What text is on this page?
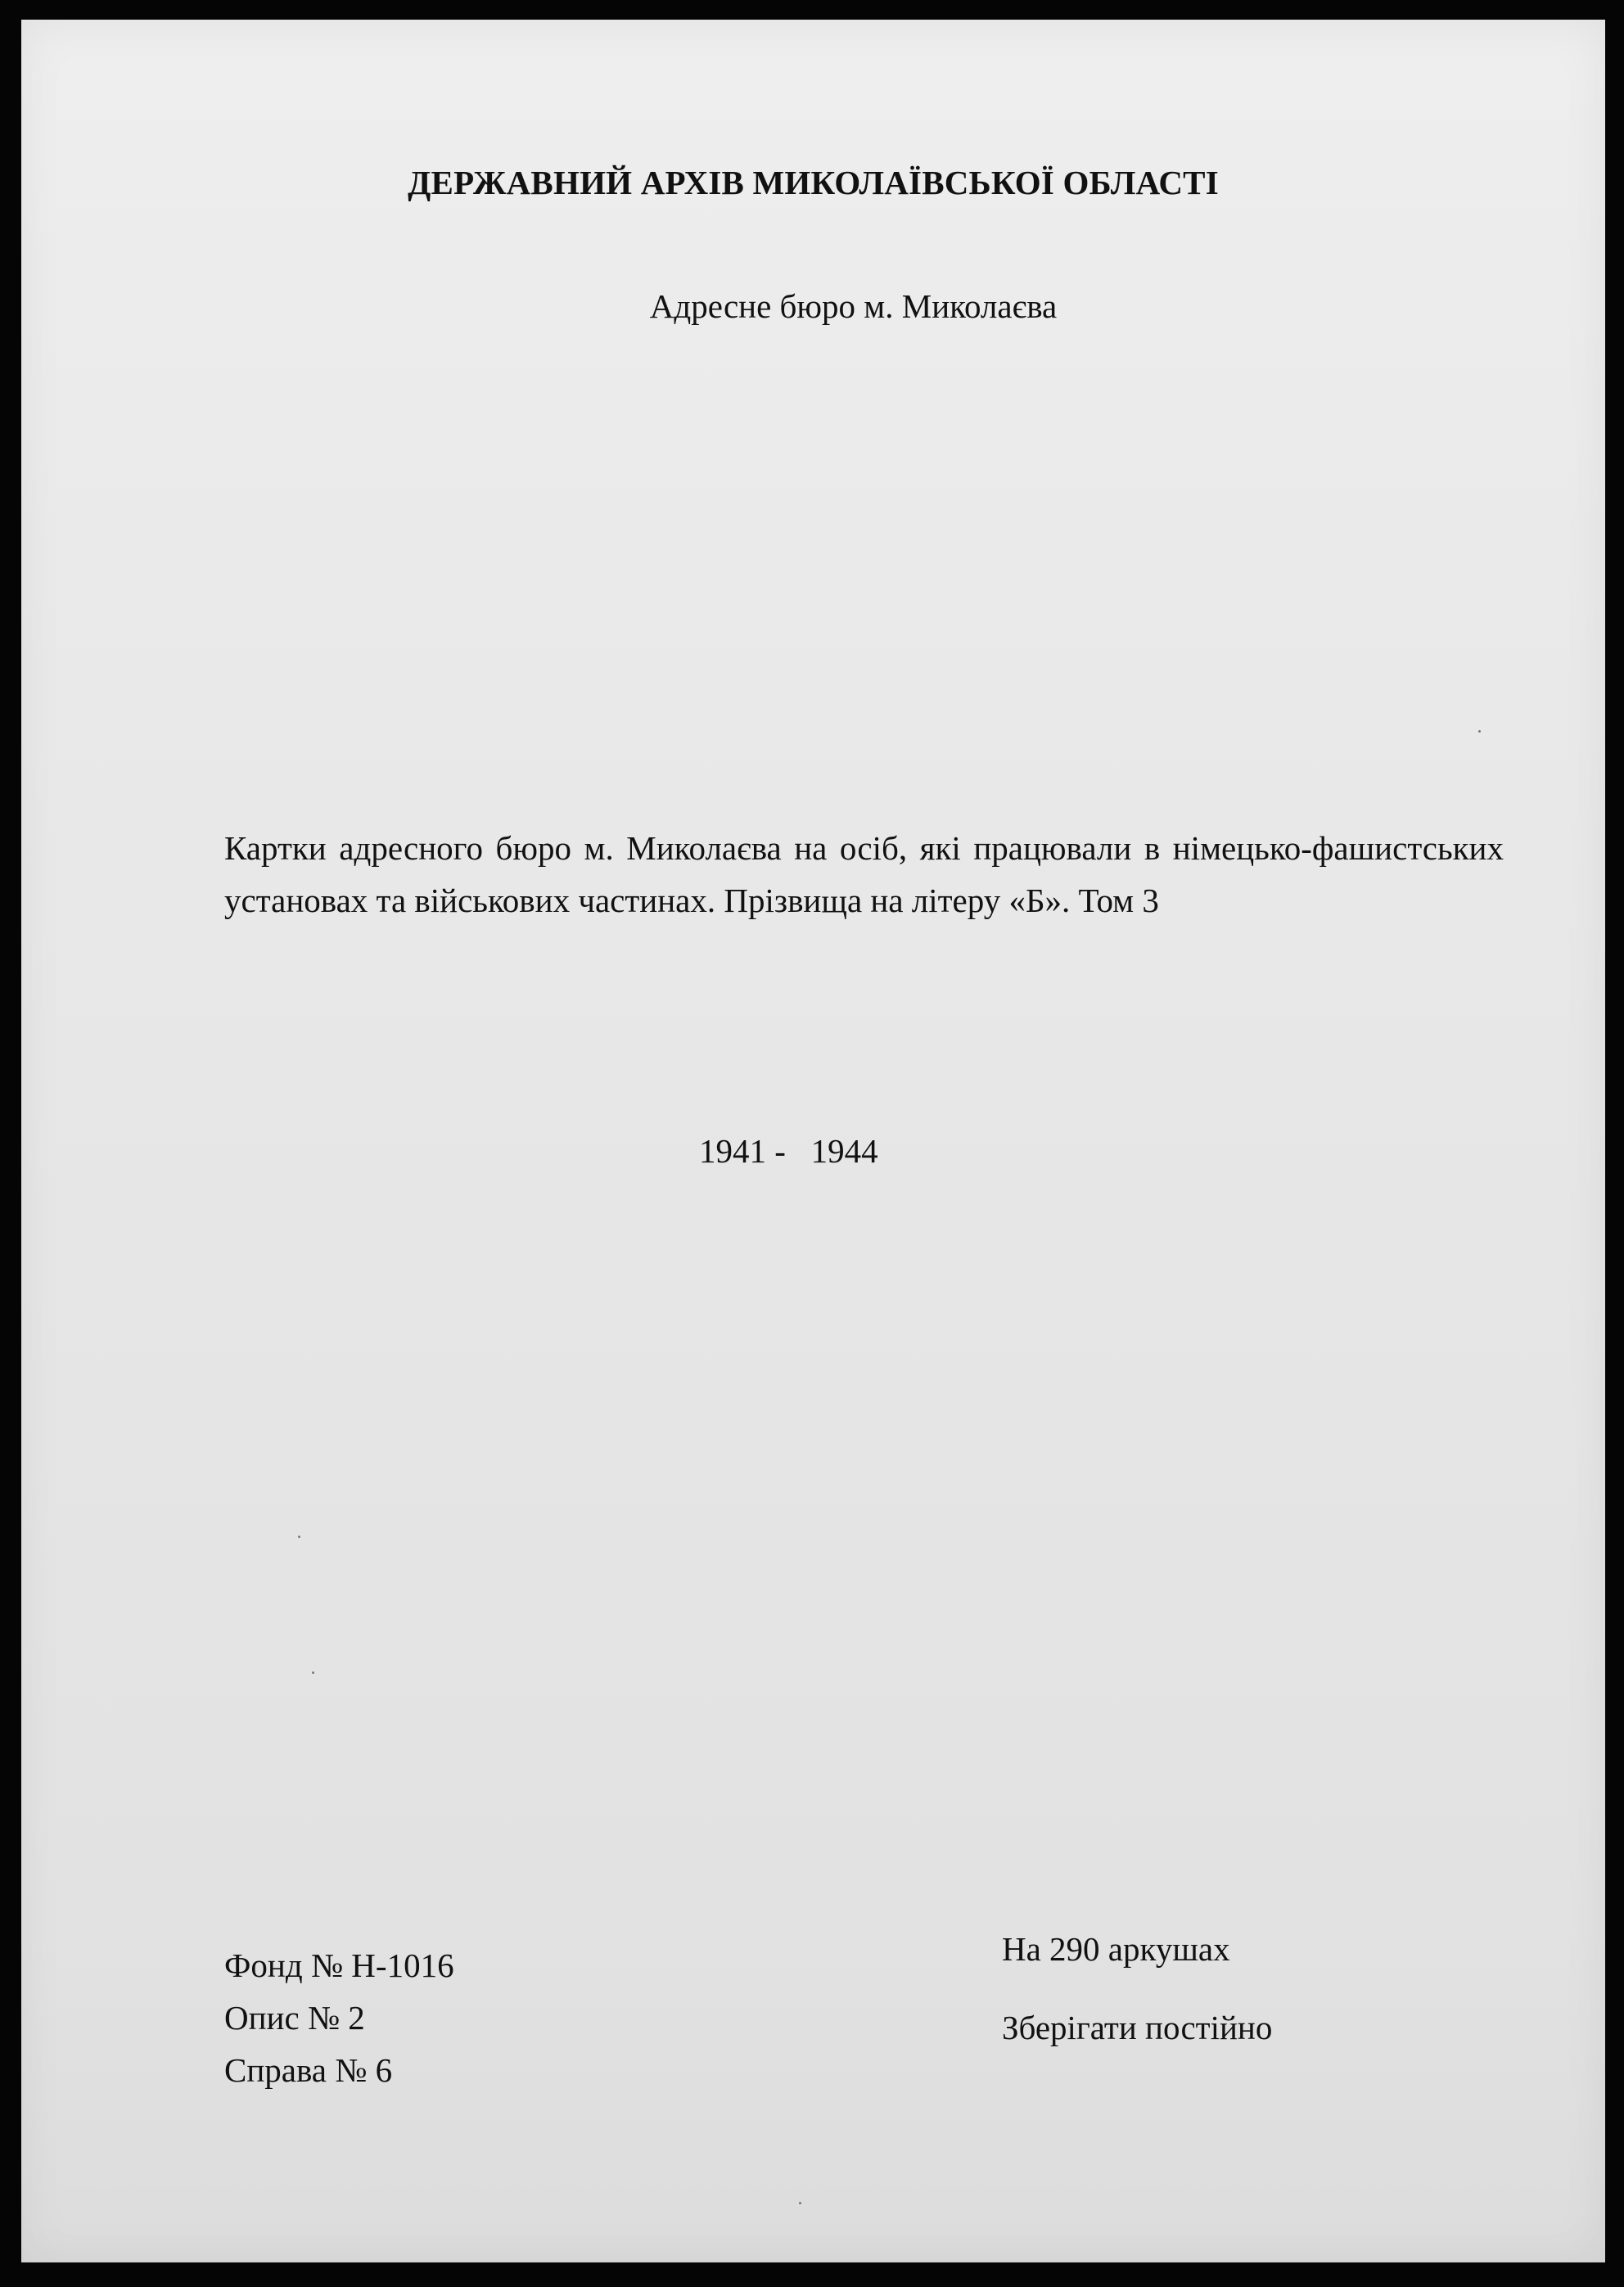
ДЕРЖАВНИЙ АРХІВ МИКОЛАЇВСЬКОЇ ОБЛАСТІ
Адресне бюро м. Миколаєва
Картки адресного бюро м. Миколаєва на осіб, які працювали в німецько-фашистських установах та військових частинах. Прізвища на літеру «Б». Том 3
1941 - 1944
Фонд № Н-1016
Опис № 2
Справа № 6
На 290 аркушах
Зберігати постійно
